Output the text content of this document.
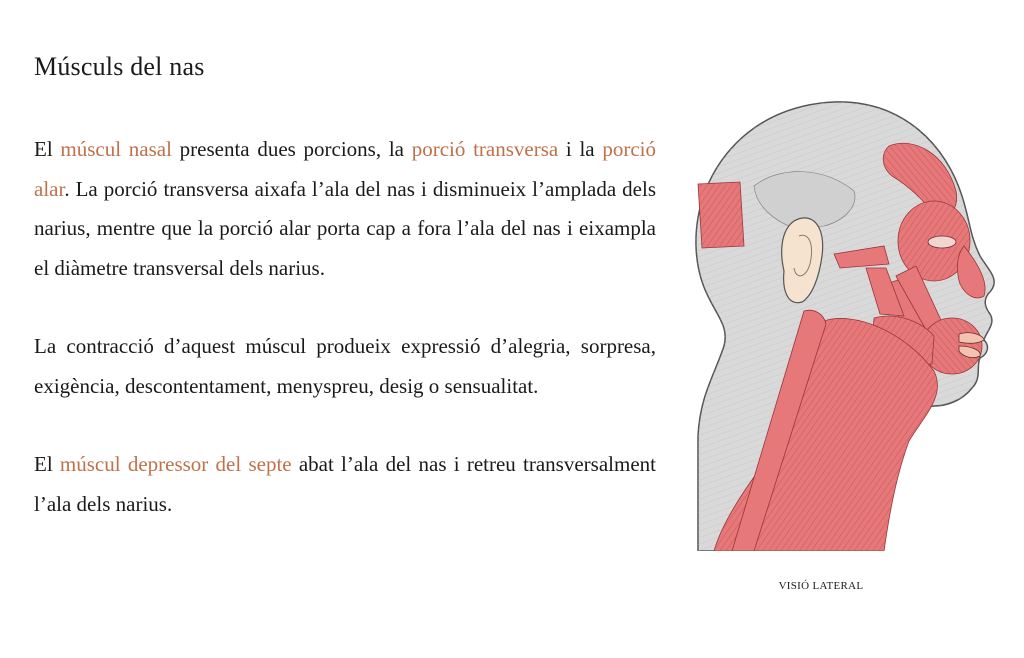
Músculs del nas

El múscul nasal presenta dues porcions, la porció transversa i la porció alar. La porció transversa aixafa l’ala del nas i disminueix l’amplada dels narius, mentre que la porció alar porta cap a fora l’ala del nas i eixampla el diàmetre transversal dels narius.

La contracció d’aquest múscul produeix expressió d’alegria, sorpresa, exigència, descontentament, menyspreu, desig o sensualitat.

El múscul depressor del septe abat l’ala del nas i retreu transversalment l’ala dels narius.

VISIÓ LATERAL
